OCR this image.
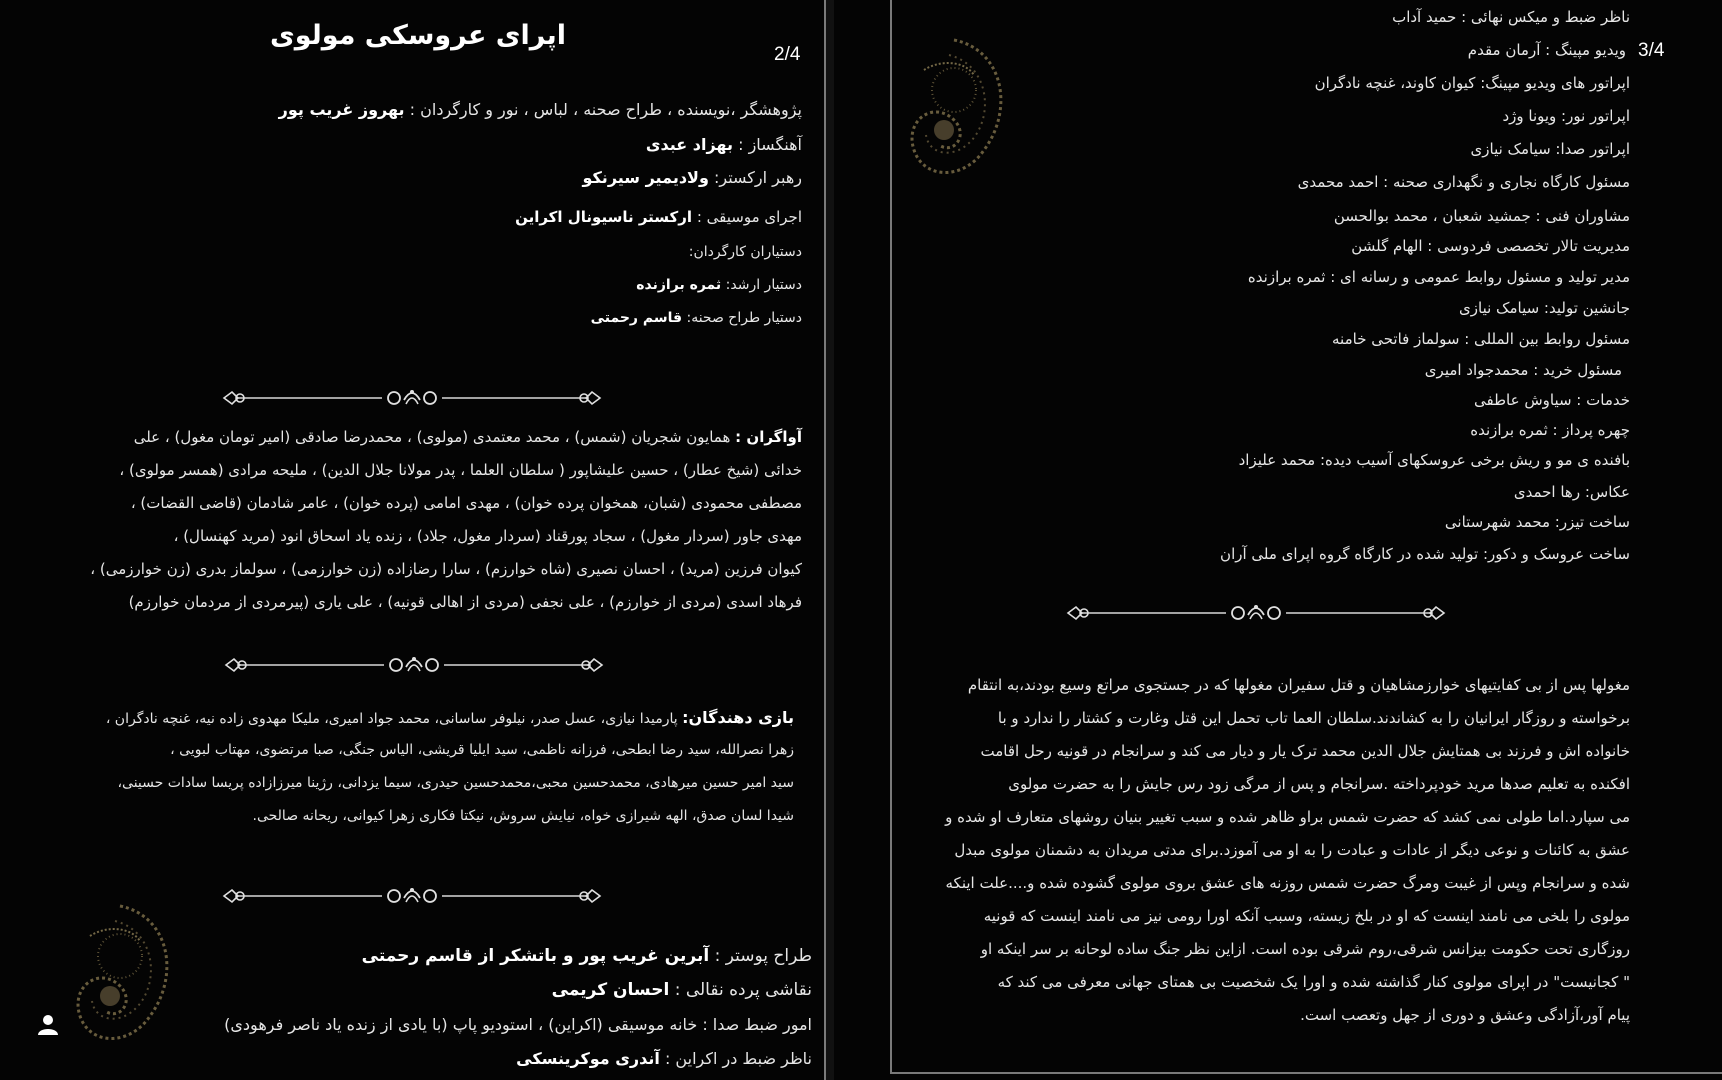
اپرای عروسکی مولوی
2/4
پژوهشگر ،نویسنده ، طراح صحنه ، لباس ، نور و کارگردان : بهروز غریب پور
آهنگساز : بهزاد عبدی
رهبر ارکستر: ولادیمیر سیرنکو
اجرای موسیقی : ارکستر ناسیونال اکراین
دستیاران کارگردان:
دستیار ارشد: ثمره برازنده
دستیار طراح صحنه: قاسم رحمتی
آواگران : همایون شجریان (شمس) ، محمد معتمدی (مولوی) ، محمدرضا صادقی (امیر تومان مغول) ، علی
خدائی (شیخ عطار) ، حسین علیشاپور ( سلطان العلما ، پدر مولانا جلال الدین) ، ملیحه مرادی (همسر مولوی) ،
مصطفی محمودی (شبان، همخوان پرده خوان) ، مهدی امامی (پرده خوان) ، عامر شادمان (قاضی القضات) ،
مهدی جاور (سردار مغول) ، سجاد پورقناد (سردار مغول، جلاد) ، زنده یاد اسحاق انود (مرید کهنسال) ،
کیوان فرزین (مرید) ، احسان نصیری (شاه خوارزم) ، سارا رضازاده (زن خوارزمی) ، سولماز بدری (زن خوارزمی) ،
فرهاد اسدی (مردی از خوارزم) ، علی نجفی (مردی از اهالی قونیه) ، علی یاری (پیرمردی از مردمان خوارزم)
بازی دهندگان: پارمیدا نیازی، عسل صدر، نیلوفر ساسانی، محمد جواد امیری، ملیکا مهدوی زاده نیه، غنچه نادگران ،
زهرا نصرالله، سید رضا ابطحی، فرزانه ناظمی، سید ایلیا قریشی، الیاس جنگی، صبا مرتضوی، مهتاب لبویی ،
سید امیر حسین میرهادی، محمدحسین محبی،محمدحسین حیدری، سیما یزدانی، رژینا میرزازاده پریسا سادات حسینی،
شیدا لسان صدق، الهه شیرازی خواه، نیایش سروش، نیکتا فکاری زهرا کیوانی، ریحانه صالحی.
طراح پوستر : آبرین غریب پور و باتشکر از قاسم رحمتی
نقاشی پرده نقالی : احسان کریمی
امور ضبط صدا : خانه موسیقی (اکراین) ، استودیو پاپ (با یادی از زنده یاد ناصر فرهودی)
ناظر ضبط در اکراین : آندری موکرینسکی
3/4
ناظر ضبط و میکس نهائی : حمید آداب
ویدیو مپینگ : آرمان مقدم
اپراتور های ویدیو مپینگ: کیوان کاوند، غنچه نادگران
اپراتور نور: ویونا وژد
اپراتور صدا: سیامک نیازی
مسئول کارگاه نجاری و نگهداری صحنه : احمد محمدی
مشاوران فنی : جمشید شعبان ، محمد بوالحسن
مدیریت تالار تخصصی فردوسی : الهام گلشن
مدیر تولید و مسئول روابط عمومی و رسانه ای : ثمره برازنده
جانشین تولید: سیامک نیازی
مسئول روابط بین المللی : سولماز فاتحی خامنه
مسئول خرید : محمدجواد امیری
خدمات : سیاوش عاطفی
چهره پرداز : ثمره برازنده
بافنده ی مو و ریش برخی عروسکهای آسیب دیده: محمد علیزاد
عکاس: رها احمدی
ساخت تیزر: محمد شهرستانی
ساخت عروسک و دکور: تولید شده در کارگاه گروه اپرای ملی آران
مغولها پس از بی کفایتیهای خوارزمشاهیان و قتل سفیران مغولها که در جستجوی مراتع وسیع بودند،به انتقام
برخواسته و روزگار ایرانیان را به کشاندند.سلطان العما تاب تحمل این قتل وغارت و کشتار را ندارد و با
خانواده اش و فرزند بی همتایش جلال الدین محمد ترک یار و دیار می کند و سرانجام در قونیه رحل اقامت
افکنده به تعلیم صدها مرید خودپرداخته .سرانجام و پس از مرگی زود رس جایش را به حضرت مولوی
می سپارد.اما طولی نمی کشد که حضرت شمس براو ظاهر شده و سبب تغییر بنیان روشهای متعارف او شده و
عشق به کائنات و نوعی دیگر از عادات و عبادت را به او می آموزد.برای مدتی مریدان به دشمنان مولوی مبدل
شده و سرانجام وپس از غیبت ومرگ حضرت شمس روزنه های عشق بروی مولوی گشوده شده و....علت اینکه
مولوی را بلخی می نامند اینست که او در بلخ زیسته، وسبب آنکه اورا رومی نیز می نامند اینست که قونیه
روزگاری تحت حکومت بیزانس شرقی،روم شرقی بوده است. ازاین نظر جنگ ساده لوحانه بر سر اینکه او
" کجانیست" در اپرای مولوی کنار گذاشته شده و اورا یک شخصیت بی همتای جهانی معرفی می کند که
پیام آور،آزادگی وعشق و دوری از جهل وتعصب است.
